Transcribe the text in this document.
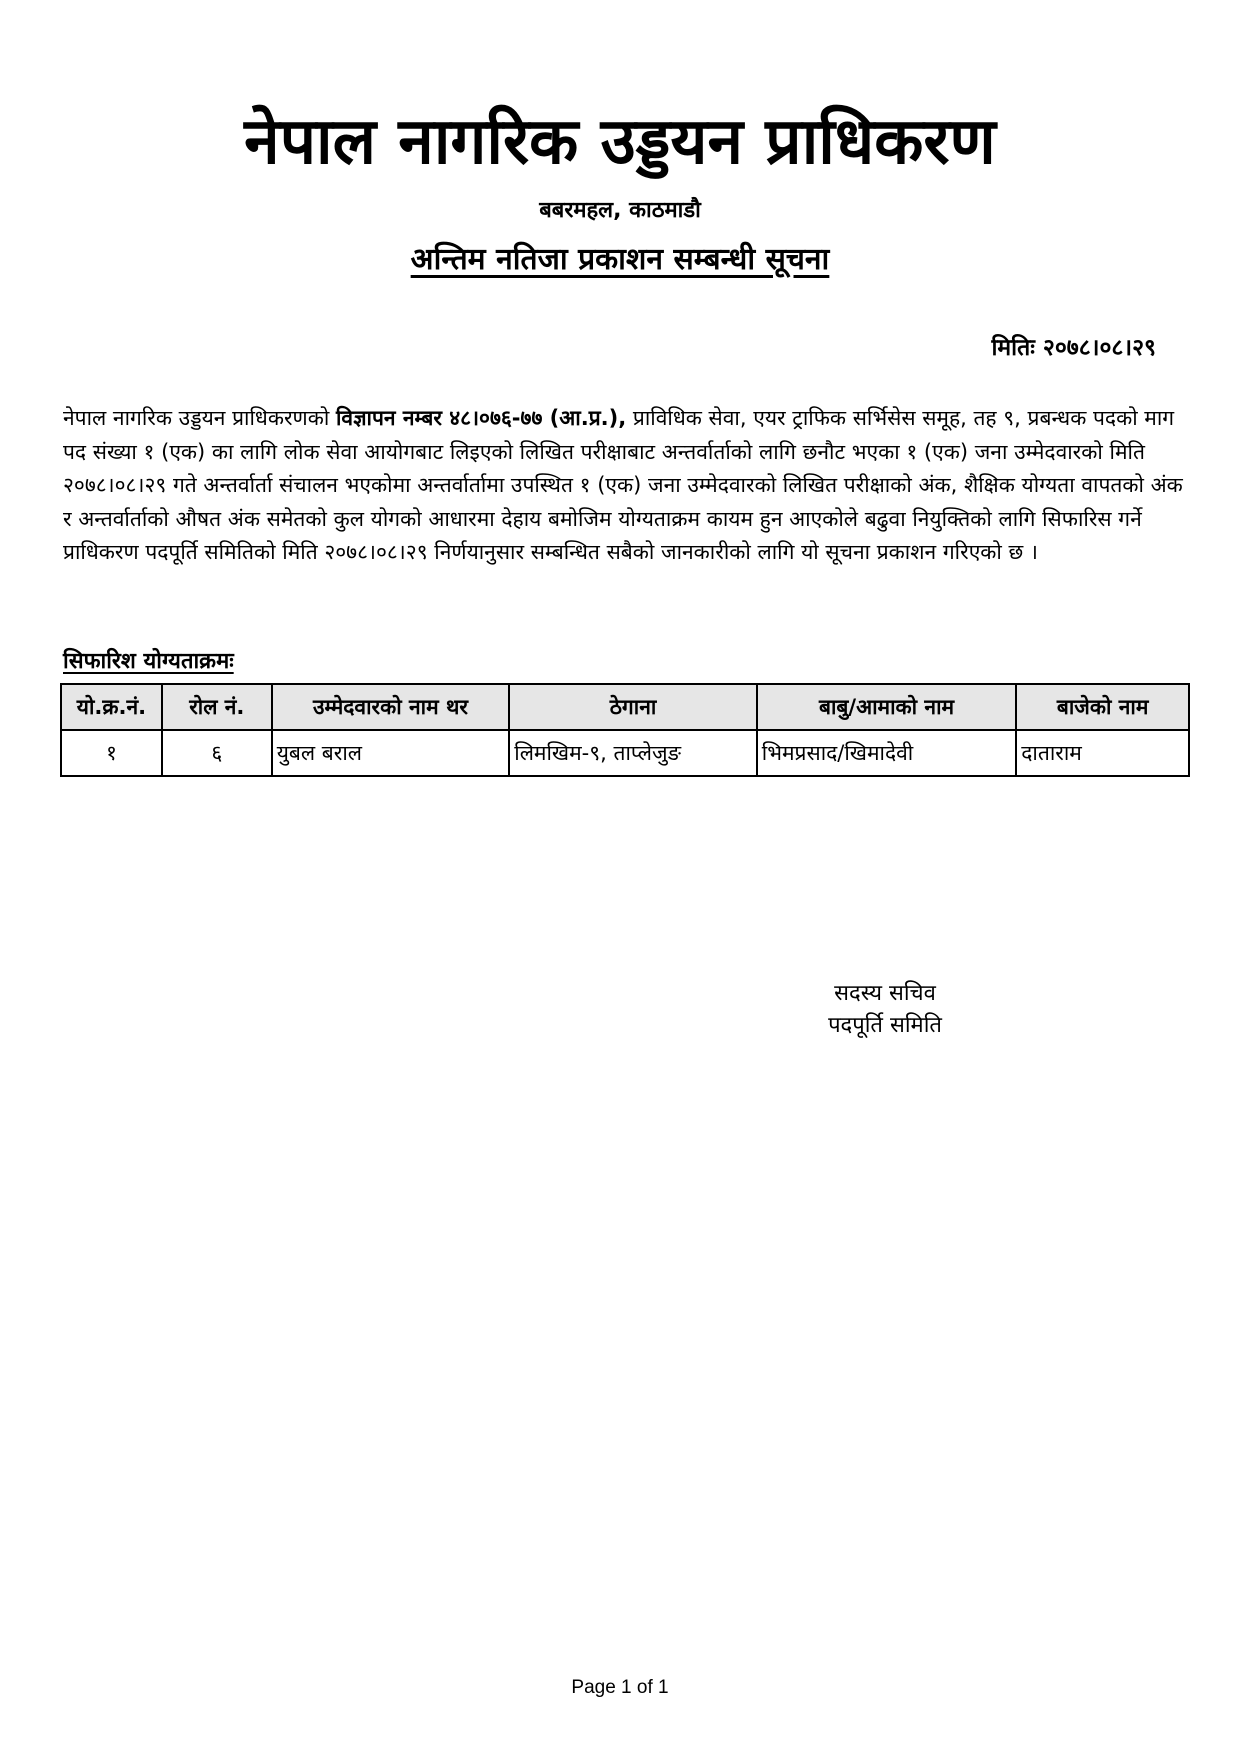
नेपाल नागरिक उड्डयन प्राधिकरण
बबरमहल, काठमाडौ
अन्तिम नतिजा प्रकाशन सम्बन्धी सूचना
मितिः २०७८।०८।२९
नेपाल नागरिक उड्डयन प्राधिकरणको विज्ञापन नम्बर ४८।०७६-७७ (आ.प्र.), प्राविधिक सेवा, एयर ट्राफिक सर्भिसेस समूह, तह ९, प्रबन्धक पदको माग पद संख्या १ (एक) का लागि लोक सेवा आयोगबाट लिइएको लिखित परीक्षाबाट अन्तर्वार्ताको लागि छनौट भएका १ (एक) जना उम्मेदवारको मिति २०७८।०८।२९ गते अन्तर्वार्ता संचालन भएकोमा अन्तर्वार्तामा उपस्थित १ (एक) जना उम्मेदवारको लिखित परीक्षाको अंक, शैक्षिक योग्यता वापतको अंक र अन्तर्वार्ताको औषत अंक समेतको कुल योगको आधारमा देहाय बमोजिम योग्यताक्रम कायम हुन आएकोले बढुवा नियुक्तिको लागि सिफारिस गर्ने प्राधिकरण पदपूर्ति समितिको मिति २०७८।०८।२९ निर्णयानुसार सम्बन्धित सबैको जानकारीको लागि यो सूचना प्रकाशन गरिएको छ ।
सिफारिश योग्यताक्रमः
यो.क्र.नं.	रोल नं.	उम्मेदवारको नाम थर	ठेगाना	बाबु/आमाको नाम	बाजेको नाम
१	६	युबल बराल	लिमखिम-९, ताप्लेजुङ	भिमप्रसाद/खिमादेवी	दाताराम
सदस्य सचिव
पदपूर्ति समिति
Page 1 of 1
